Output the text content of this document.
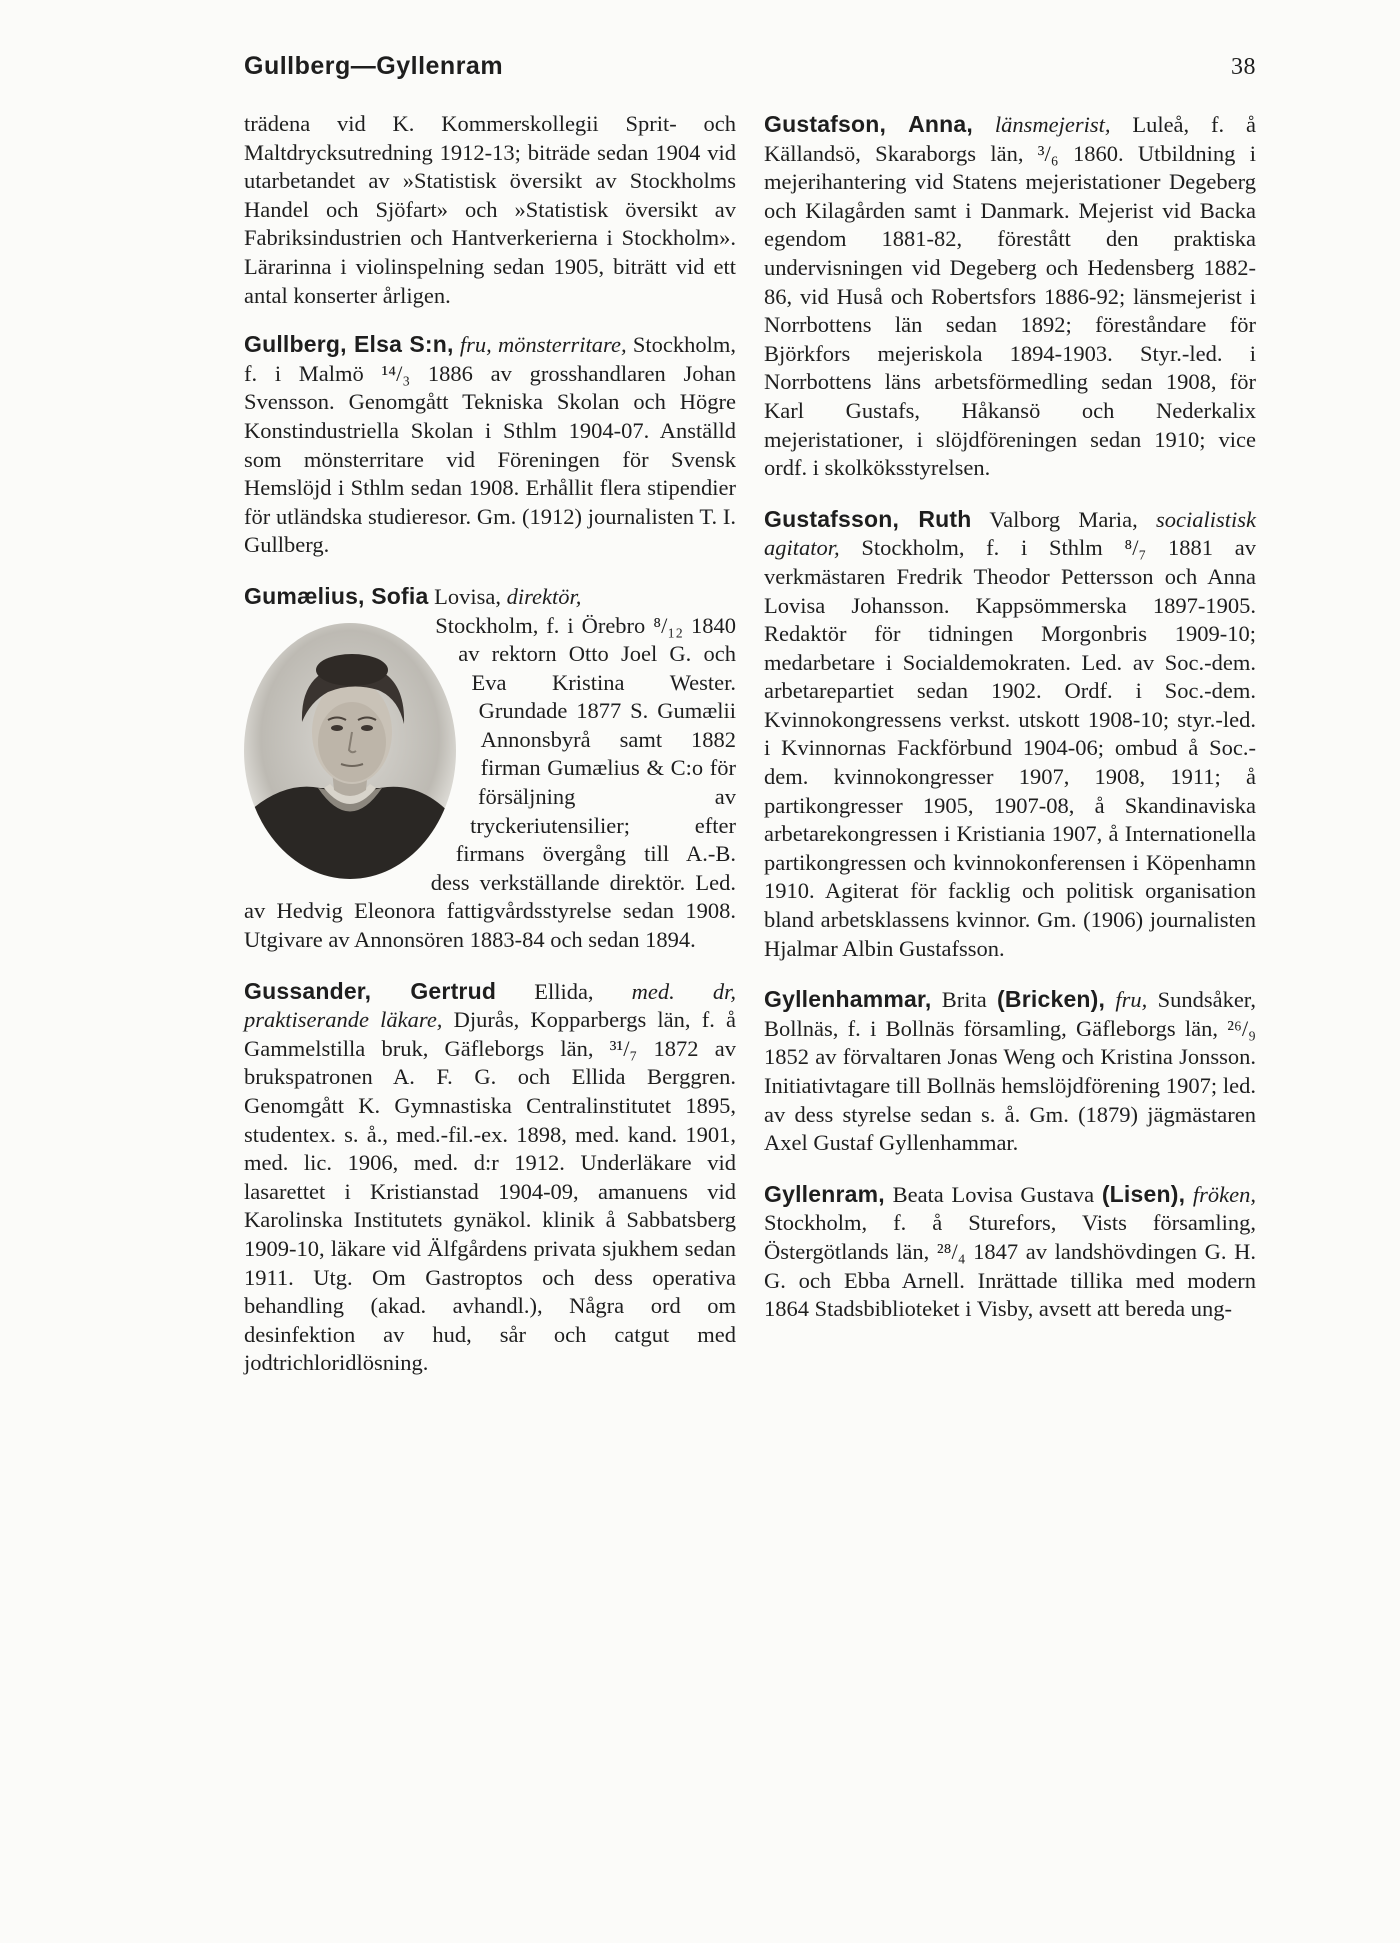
Gullberg—Gyllenram	38

trädena vid K. Kommerskollegii Sprit- och Maltdrycksutredning 1912-13; biträde sedan 1904 vid utarbetandet av »Statistisk översikt av Stockholms Handel och Sjöfart» och »Statistisk översikt av Fabriksindustrien och Hantverkerierna i Stockholm». Lärarinna i violinspelning sedan 1905, biträtt vid ett antal konserter årligen.

Gullberg, Elsa S:n, fru, mönsterritare, Stockholm, f. i Malmö ¹⁴/₃ 1886 av grosshandlaren Johan Svensson. Genomgått Tekniska Skolan och Högre Konstindustriella Skolan i Sthlm 1904-07. Anställd som mönsterritare vid Föreningen för Svensk Hemslöjd i Sthlm sedan 1908. Erhållit flera stipendier för utländska studieresor. Gm. (1912) journalisten T. I. Gullberg.

Gumælius, Sofia Lovisa, direktör,

Stockholm, f. i Örebro ⁸/₁₂ 1840 av rektorn Otto Joel G. och Eva Kristina Wester. Grundade 1877 S. Gumælii Annonsbyrå samt 1882 firman Gumælius & C:o för försäljning av tryckeriutensilier; efter firmans övergång till A.-B. dess verkställande direktör. Led. av Hedvig Eleonora fattigvårdsstyrelse sedan 1908. Utgivare av Annonsören 1883-84 och sedan 1894.

Gussander, Gertrud Ellida, med. dr, praktiserande läkare, Djurås, Kopparbergs län, f. å Gammelstilla bruk, Gäfleborgs län, ³¹/₇ 1872 av brukspatronen A. F. G. och Ellida Berggren. Genomgått K. Gymnastiska Centralinstitutet 1895, studentex. s. å., med.-fil.-ex. 1898, med. kand. 1901, med. lic. 1906, med. d:r 1912. Underläkare vid lasarettet i Kristianstad 1904-09, amanuens vid Karolinska Institutets gynäkol. klinik å Sabbatsberg 1909-10, läkare vid Älfgårdens privata sjukhem sedan 1911. Utg. Om Gastroptos och dess operativa behandling (akad. avhandl.), Några ord om desinfektion av hud, sår och catgut med jodtrichloridlösning.

Gustafson, Anna, länsmejerist, Luleå, f. å Källandsö, Skaraborgs län, ³/₆ 1860. Utbildning i mejerihantering vid Statens mejeristationer Degeberg och Kilagården samt i Danmark. Mejerist vid Backa egendom 1881-82, förestått den praktiska undervisningen vid Degeberg och Hedensberg 1882-86, vid Huså och Robertsfors 1886-92; länsmejerist i Norrbottens län sedan 1892; föreståndare för Björkfors mejeriskola 1894-1903. Styr.-led. i Norrbottens läns arbetsförmedling sedan 1908, för Karl Gustafs, Håkansö och Nederkalix mejeristationer, i slöjdföreningen sedan 1910; vice ordf. i skolköksstyrelsen.

Gustafsson, Ruth Valborg Maria, socialistisk agitator, Stockholm, f. i Sthlm ⁸/₇ 1881 av verkmästaren Fredrik Theodor Pettersson och Anna Lovisa Johansson. Kappsömmerska 1897-1905. Redaktör för tidningen Morgonbris 1909-10; medarbetare i Socialdemokraten. Led. av Soc.-dem. arbetarepartiet sedan 1902. Ordf. i Soc.-dem. Kvinnokongressens verkst. utskott 1908-10; styr.-led. i Kvinnornas Fackförbund 1904-06; ombud å Soc.-dem. kvinnokongresser 1907, 1908, 1911; å partikongresser 1905, 1907-08, å Skandinaviska arbetarekongressen i Kristiania 1907, å Internationella partikongressen och kvinnokonferensen i Köpenhamn 1910. Agiterat för facklig och politisk organisation bland arbetsklassens kvinnor. Gm. (1906) journalisten Hjalmar Albin Gustafsson.

Gyllenhammar, Brita (Bricken), fru, Sundsåker, Bollnäs, f. i Bollnäs församling, Gäfleborgs län, ²⁶/₉ 1852 av förvaltaren Jonas Weng och Kristina Jonsson. Initiativtagare till Bollnäs hemslöjdförening 1907; led. av dess styrelse sedan s. å. Gm. (1879) jägmästaren Axel Gustaf Gyllenhammar.

Gyllenram, Beata Lovisa Gustava (Lisen), fröken, Stockholm, f. å Sturefors, Vists församling, Östergötlands län, ²⁸/₄ 1847 av landshövdingen G. H. G. och Ebba Arnell. Inrättade tillika med modern 1864 Stadsbiblioteket i Visby, avsett att bereda ung-
